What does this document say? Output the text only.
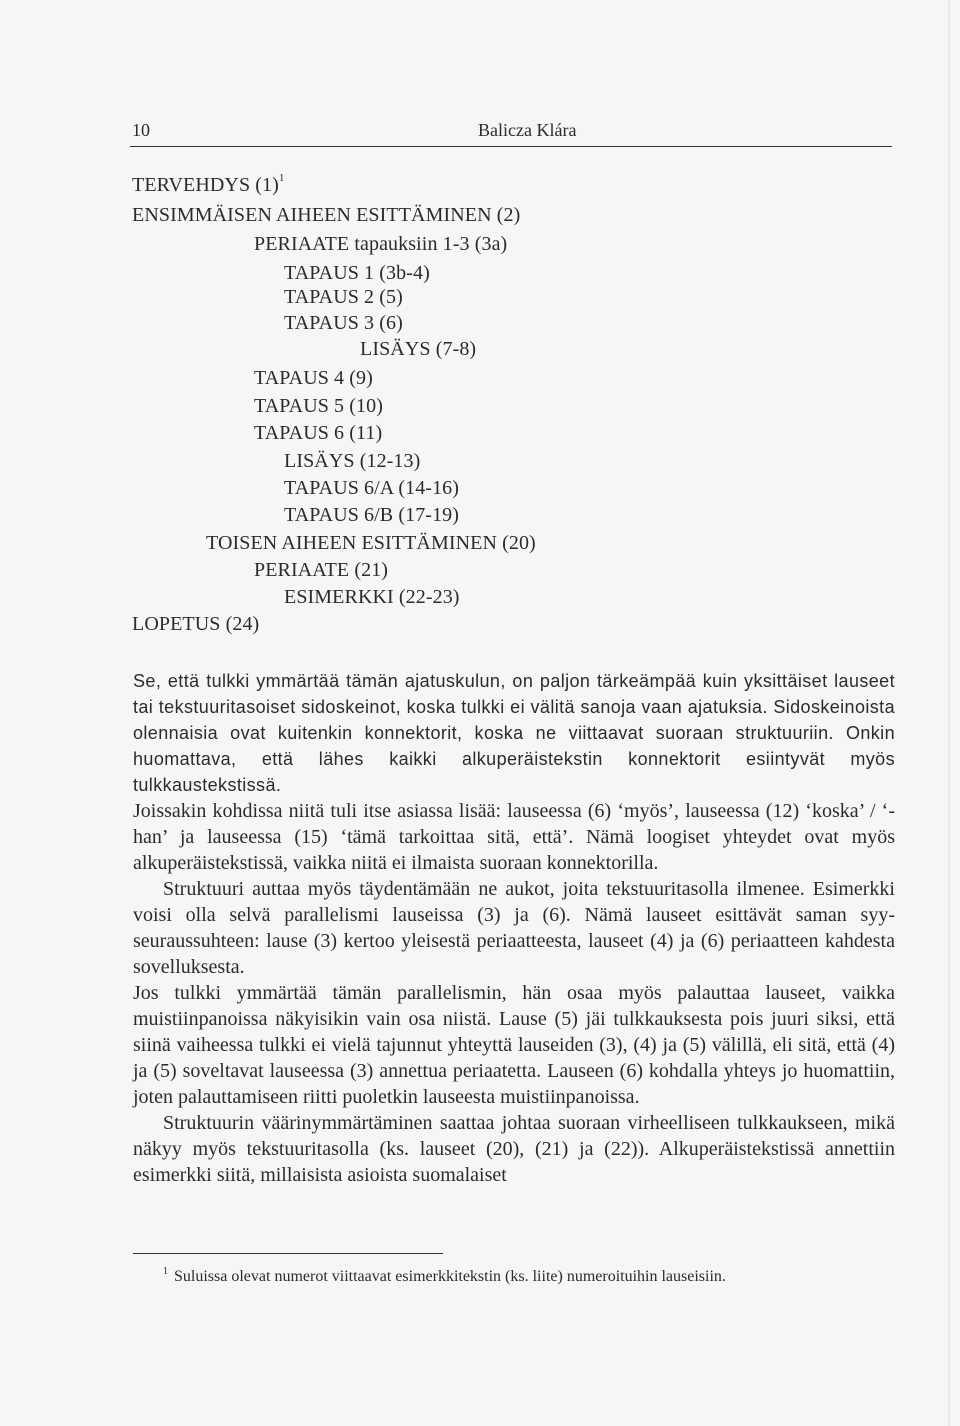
10	Balicza Klára
TERVEHDYS $(1)^1$
ENSIMMÄISEN AIHEEN ESITTÄMINEN (2)
PERIAATE tapauksiin 1-3 (3a)
TAPAUS 1 (3b-4)
TAPAUS 2 (5)
TAPAUS 3 (6)
LISÄYS (7-8)
TAPAUS 4 (9)
TAPAUS 5 (10)
TAPAUS 6 (11)
LISÄYS (12-13)
TAPAUS 6/A (14-16)
TAPAUS 6/B (17-19)
TOISEN AIHEEN ESITTÄMINEN (20)
PERIAATE (21)
ESIMERKKI (22-23)
LOPETUS (24)

Se, että tulkki ymmärtää tämän ajatuskulun, on paljon tärkeämpää kuin yksittäiset lauseet tai tekstuuritasoiset sidoskeinot, koska tulkki ei välitä sanoja vaan ajatuksia. Sidoskeinoista olennaisia ovat kuitenkin konnektorit, koska ne viittaavat suoraan struktuuriin. Onkin huomattava, että lähes kaikki alkuperäistekstin konnektorit esiintyvät myös tulkkaustekstissä.

Joissakin kohdissa niitä tuli itse asiassa lisää: lauseessa (6) ‘myös’, lauseessa (12) ‘koska’ / ‘-han’ ja lauseessa (15) ‘tämä tarkoittaa sitä, että’. Nämä loogiset yhteydet ovat myös alkuperäistekstissä, vaikka niitä ei ilmaista suoraan konnektorilla.

Struktuuri auttaa myös täydentämään ne aukot, joita tekstuuritasolla ilmenee. Esimerkki voisi olla selvä parallelismi lauseissa (3) ja (6). Nämä lauseet esittävät saman syy-seuraussuhteen: lause (3) kertoo yleisestä periaatteesta, lauseet (4) ja (6) periaatteen kahdesta sovelluksesta.

Jos tulkki ymmärtää tämän parallelismin, hän osaa myös palauttaa lauseet, vaikka muistiinpanoissa näkyisikin vain osa niistä. Lause (5) jäi tulkkauksesta pois juuri siksi, että siinä vaiheessa tulkki ei vielä tajunnut yhteyttä lauseiden (3), (4) ja (5) välillä, eli sitä, että (4) ja (5) soveltavat lauseessa (3) annettua periaatetta. Lauseen (6) kohdalla yhteys jo huomattiin, joten palauttamiseen riitti puoletkin lauseesta muistiinpanoissa.

Struktuurin väärinymmärtäminen saattaa johtaa suoraan virheelliseen tulkkaukseen, mikä näkyy myös tekstuuritasolla (ks. lauseet (20), (21) ja (22)). Alkuperäistekstissä annettiin esimerkki siitä, millaisista asioista suomalaiset

$^1$ Suluissa olevat numerot viittaavat esimerkkitekstin (ks. liite) numeroituihin lauseisiin.
